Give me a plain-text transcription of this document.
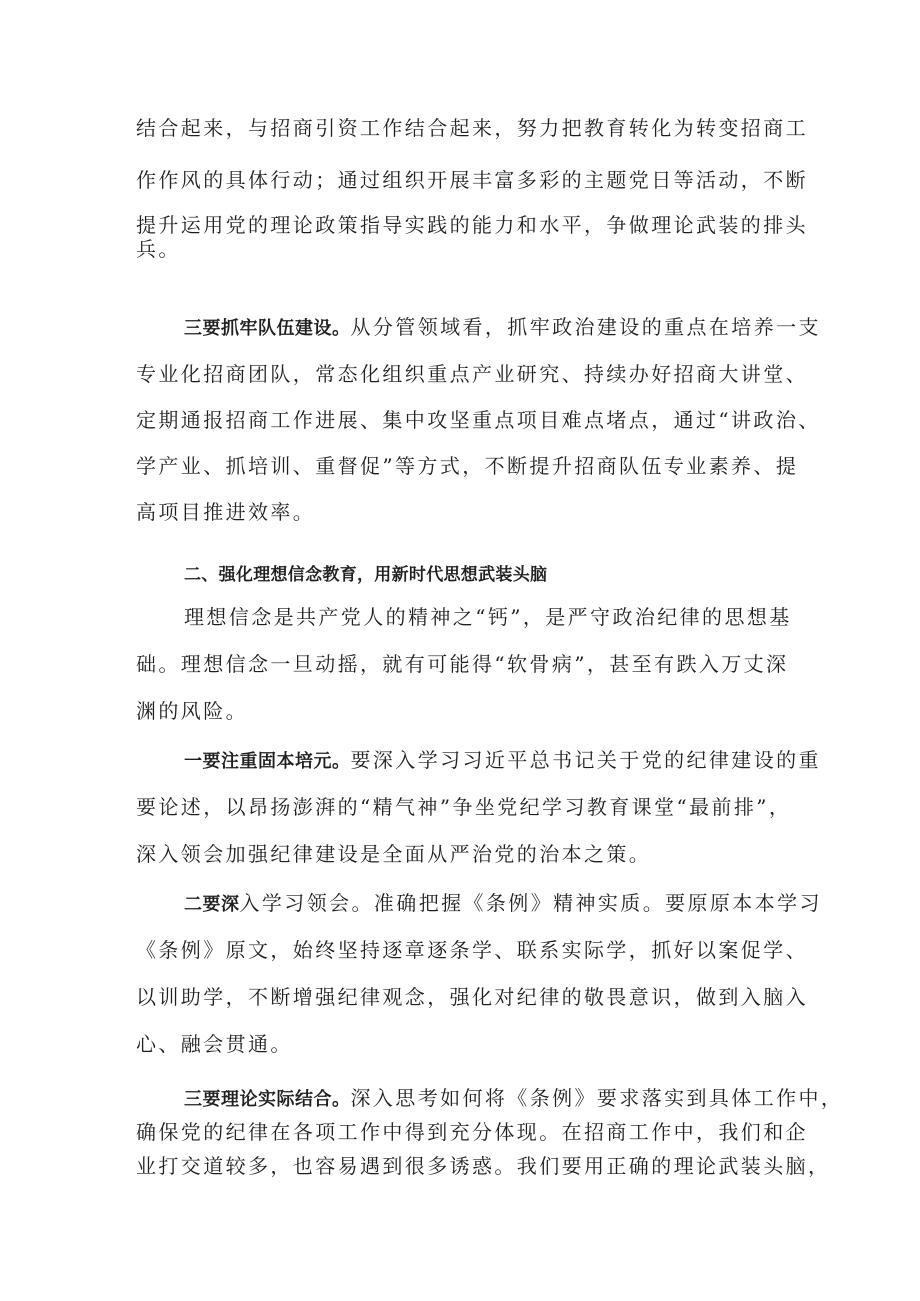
结合起来，与招商引资工作结合起来，努力把教育转化为转变招商工
作作风的具体行动；通过组织开展丰富多彩的主题党日等活动，不断
提升运用党的理论政策指导实践的能力和水平，争做理论武装的排头
兵。
三要抓牢队伍建设。从分管领域看，抓牢政治建设的重点在培养一支
专业化招商团队，常态化组织重点产业研究、持续办好招商大讲堂、
定期通报招商工作进展、集中攻坚重点项目难点堵点，通过“讲政治、
学产业、抓培训、重督促”等方式，不断提升招商队伍专业素养、提
高项目推进效率。
二、强化理想信念教育，用新时代思想武装头脑
理想信念是共产党人的精神之“钙”，是严守政治纪律的思想基
础。理想信念一旦动摇，就有可能得“软骨病”，甚至有跌入万丈深
渊的风险。
一要注重固本培元。要深入学习习近平总书记关于党的纪律建设的重
要论述，以昂扬澎湃的“精气神”争坐党纪学习教育课堂“最前排”，
深入领会加强纪律建设是全面从严治党的治本之策。
二要深入学习领会。准确把握《条例》精神实质。要原原本本学习
《条例》原文，始终坚持逐章逐条学、联系实际学，抓好以案促学、
以训助学，不断增强纪律观念，强化对纪律的敬畏意识，做到入脑入
心、融会贯通。
三要理论实际结合。深入思考如何将《条例》要求落实到具体工作中，
确保党的纪律在各项工作中得到充分体现。在招商工作中，我们和企
业打交道较多，也容易遇到很多诱惑。我们要用正确的理论武装头脑，
